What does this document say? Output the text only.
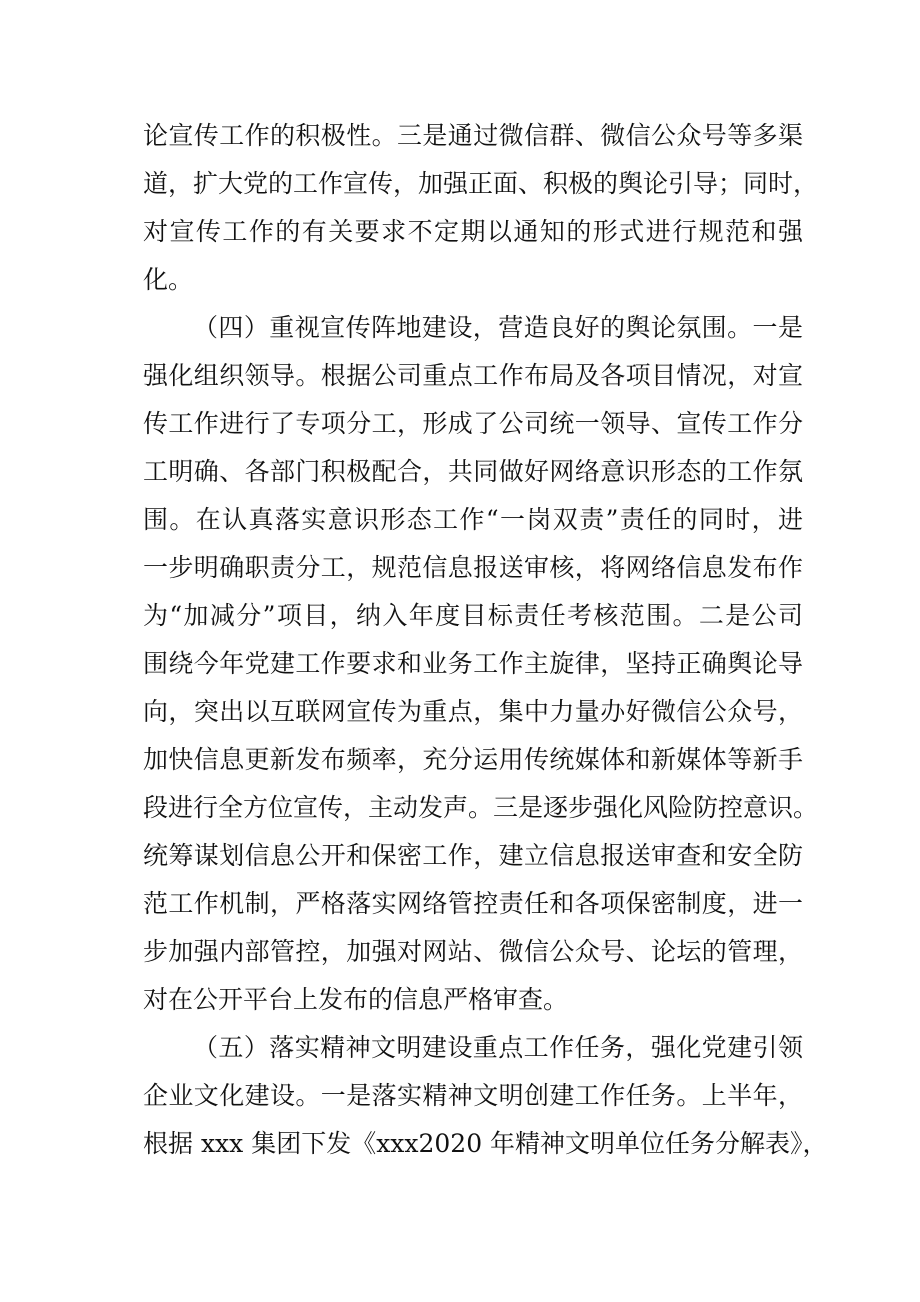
论宣传工作的积极性。三是通过微信群、微信公众号等多渠
道，扩大党的工作宣传，加强正面、积极的舆论引导；同时，
对宣传工作的有关要求不定期以通知的形式进行规范和强
化。
（四）重视宣传阵地建设，营造良好的舆论氛围。一是
强化组织领导。根据公司重点工作布局及各项目情况，对宣
传工作进行了专项分工，形成了公司统一领导、宣传工作分
工明确、各部门积极配合，共同做好网络意识形态的工作氛
围。在认真落实意识形态工作“一岗双责”责任的同时，进
一步明确职责分工，规范信息报送审核，将网络信息发布作
为“加减分”项目，纳入年度目标责任考核范围。二是公司
围绕今年党建工作要求和业务工作主旋律，坚持正确舆论导
向，突出以互联网宣传为重点，集中力量办好微信公众号，
加快信息更新发布频率，充分运用传统媒体和新媒体等新手
段进行全方位宣传，主动发声。三是逐步强化风险防控意识。
统筹谋划信息公开和保密工作，建立信息报送审查和安全防
范工作机制，严格落实网络管控责任和各项保密制度，进一
步加强内部管控，加强对网站、微信公众号、论坛的管理，
对在公开平台上发布的信息严格审查。
（五）落实精神文明建设重点工作任务，强化党建引领
企业文化建设。一是落实精神文明创建工作任务。上半年，
根据 xxx 集团下发《xxx2020 年精神文明单位任务分解表》，
